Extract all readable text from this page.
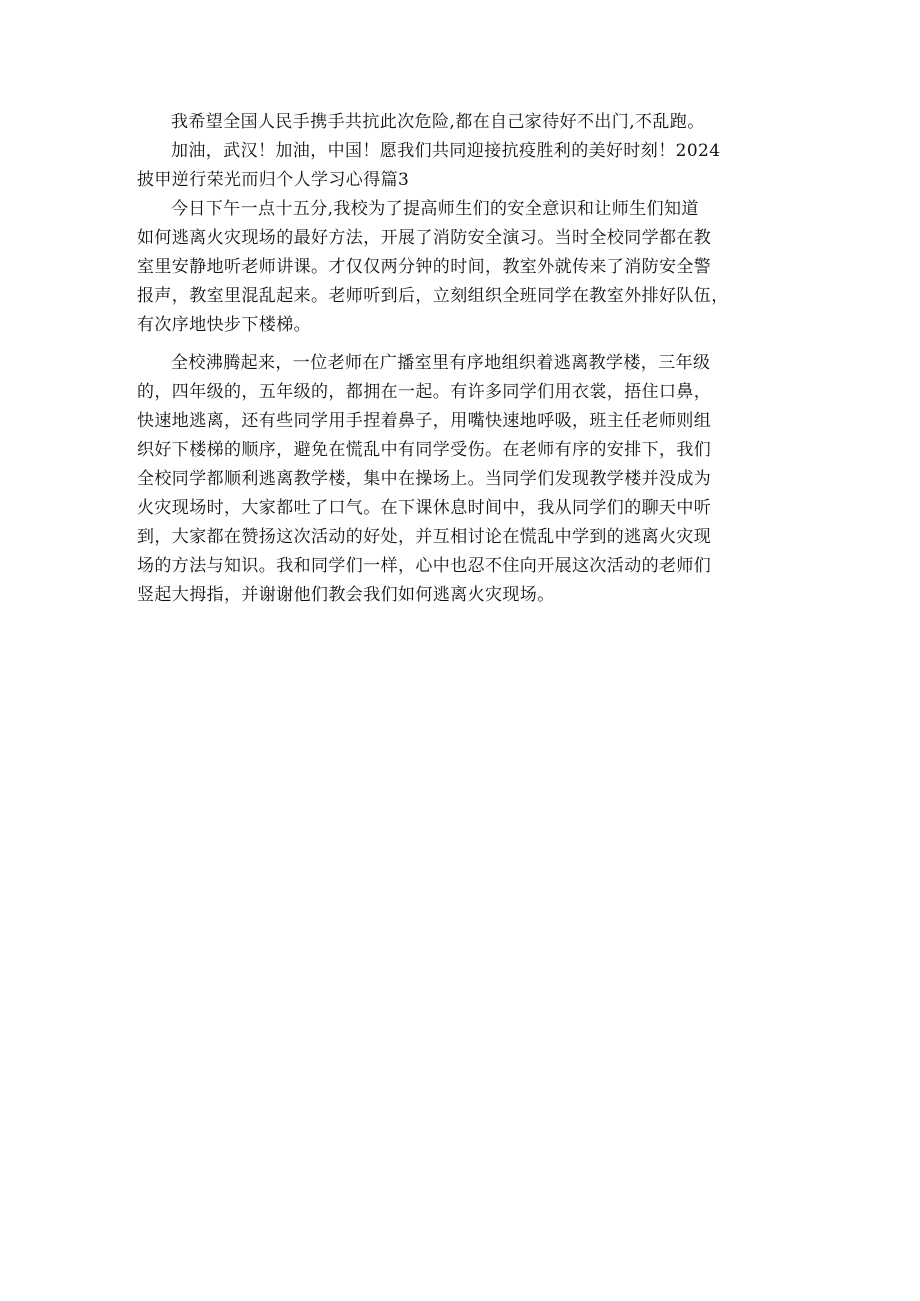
我希望全国人民手携手共抗此次危险,都在自己家待好不出门,不乱跑。
加油，武汉！加油，中国！愿我们共同迎接抗疫胜利的美好时刻！2024
披甲逆行荣光而归个人学习心得篇3

今日下午一点十五分,我校为了提高师生们的安全意识和让师生们知道
如何逃离火灾现场的最好方法，开展了消防安全演习。当时全校同学都在教
室里安静地听老师讲课。才仅仅两分钟的时间，教室外就传来了消防安全警
报声，教室里混乱起来。老师听到后，立刻组织全班同学在教室外排好队伍，
有次序地快步下楼梯。

全校沸腾起来，一位老师在广播室里有序地组织着逃离教学楼，三年级
的，四年级的，五年级的，都拥在一起。有许多同学们用衣裳，捂住口鼻，
快速地逃离，还有些同学用手捏着鼻子，用嘴快速地呼吸，班主任老师则组
织好下楼梯的顺序，避免在慌乱中有同学受伤。在老师有序的安排下，我们
全校同学都顺利逃离教学楼，集中在操场上。当同学们发现教学楼并没成为
火灾现场时，大家都吐了口气。在下课休息时间中，我从同学们的聊天中听
到，大家都在赞扬这次活动的好处，并互相讨论在慌乱中学到的逃离火灾现
场的方法与知识。我和同学们一样，心中也忍不住向开展这次活动的老师们
竖起大拇指，并谢谢他们教会我们如何逃离火灾现场。
